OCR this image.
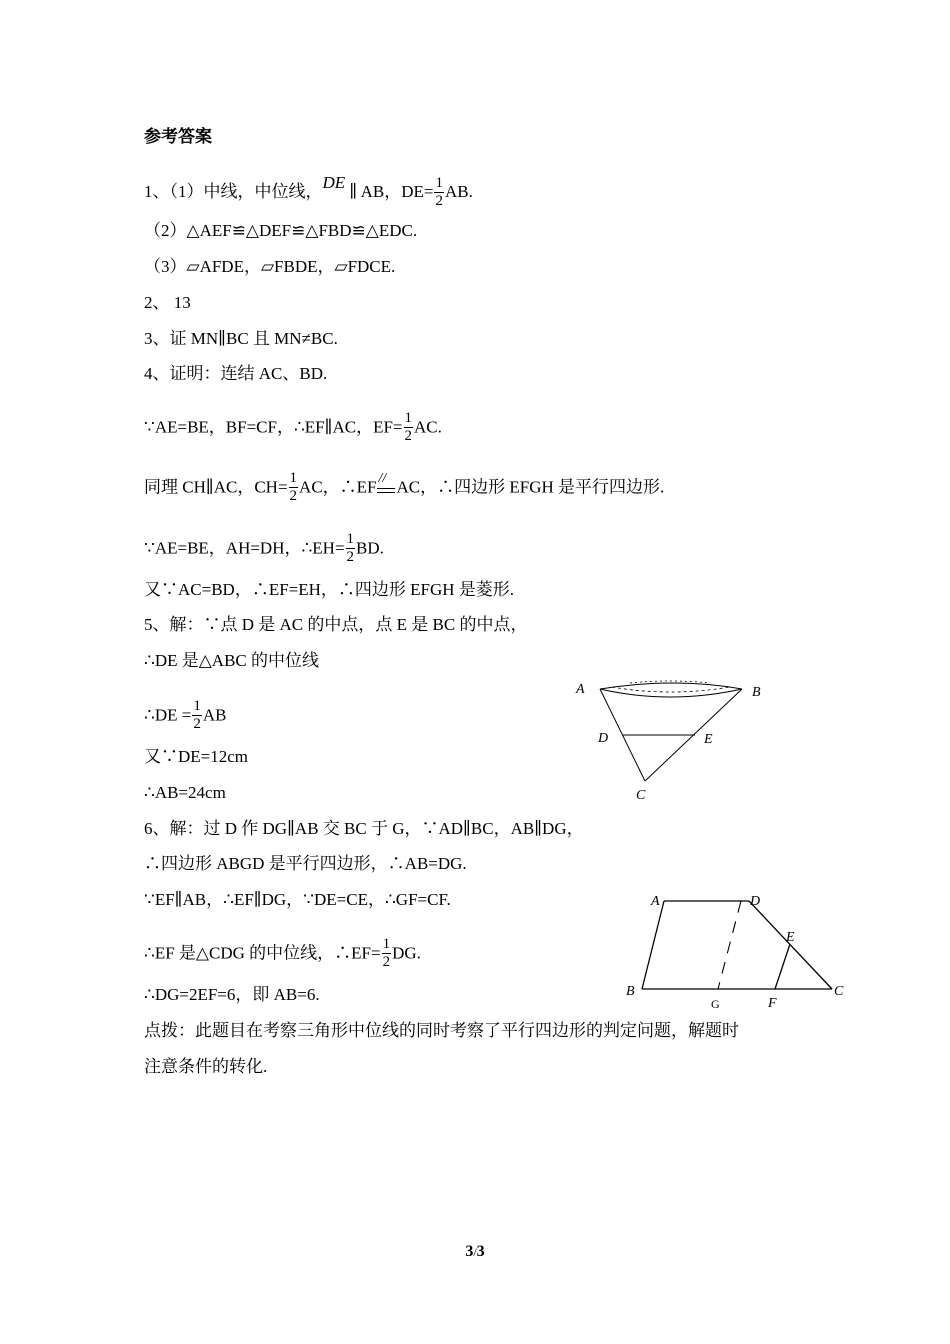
参考答案
1、（1）中线，中位线，DE ∥ AB，$DE= \frac{1}{2}$ AB.
（2）△AEF≌△DEF≌△FBD≌△EDC.
（3）▱AFDE，▱FBDE，▱FDCE.
2、 13
3、证 MN∥BC 且 MN≠BC.
4、证明：连结 AC、BD.
∵AE=BE，BF=CF，∴EF∥AC，$EF= \frac{1}{2}$ AC.
同理 CH∥AC，$CH= \frac{1}{2}$ AC，∴EF // AC，∴四边形 EFGH 是平行四边形.
∵AE=BE，AH=DH，∴EH= $\frac{1}{2}$ BD.
又∵AC=BD，∴EF=EH，∴四边形 EFGH 是菱形.
5、解：∵点 D 是 AC 的中点，点 E 是 BC 的中点，
∴DE 是△ABC 的中位线
∴DE = $\frac{1}{2}$ AB
又∵DE=12cm
∴AB=24cm
A	B
C
D	E
6、解：过 D 作 DG∥AB 交 BC 于 G，∵AD∥BC，AB∥DG，
∴四边形 ABGD 是平行四边形，∴AB=DG.
∵EF∥AB，∴EF∥DG，∵DE=CE，∴GF=CF.
∴EF 是△CDG 的中位线，∴EF= $\frac{1}{2}$ DG.
∴DG=2EF=6，即 AB=6.
A	D
E
B	C
F
G
点拨：此题目在考察三角形中位线的同时考察了平行四边形的判定问题，解题时
注意条件的转化.
3/3
